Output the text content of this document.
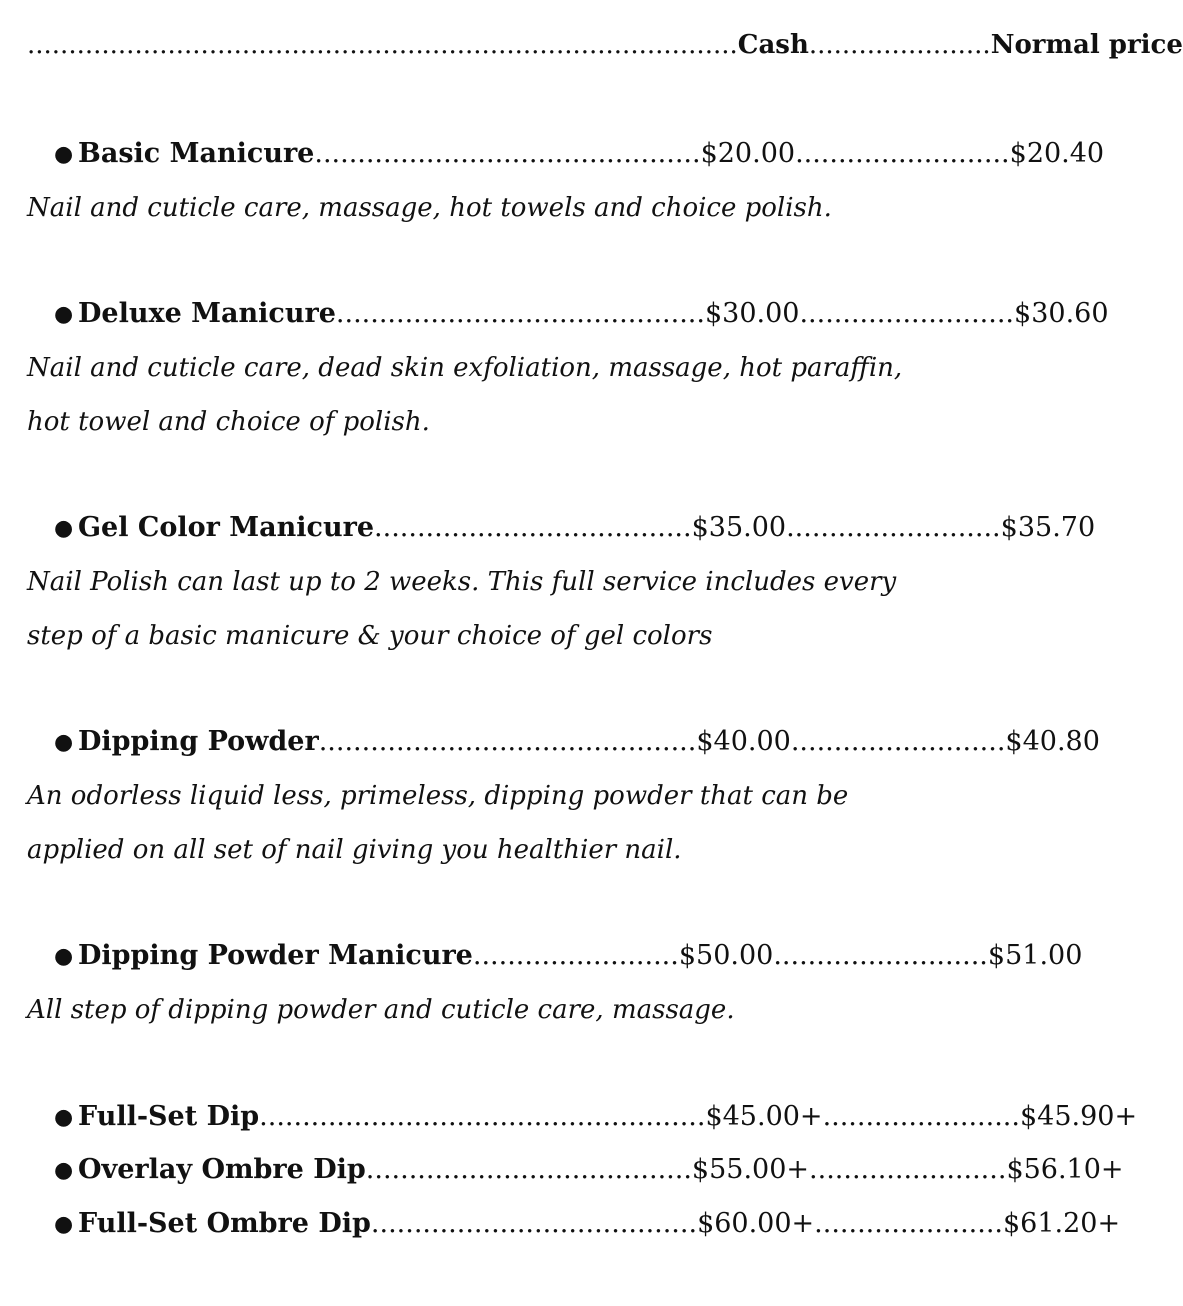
......................................................................................Cash......................Normal price
● Basic Manicure.............................................$20.00.........................$20.40
Nail and cuticle care, massage, hot towels and choice polish.
● Deluxe Manicure...........................................$30.00.........................$30.60
Nail and cuticle care, dead skin exfoliation, massage, hot paraffin, hot towel and choice of polish.
● Gel Color Manicure.....................................$35.00.........................$35.70
Nail Polish can last up to 2 weeks. This full service includes every step of a basic manicure & your choice of gel colors
● Dipping Powder............................................$40.00.........................$40.80
An odorless liquid less, primeless, dipping powder that can be applied on all set of nail giving you healthier nail.
● Dipping Powder Manicure........................$50.00.........................$51.00
All step of dipping powder and cuticle care, massage.
● Full-Set Dip....................................................$45.00+.......................$45.90+
● Overlay Ombre Dip......................................$55.00+.......................$56.10+
● Full-Set Ombre Dip......................................$60.00+......................$61.20+
